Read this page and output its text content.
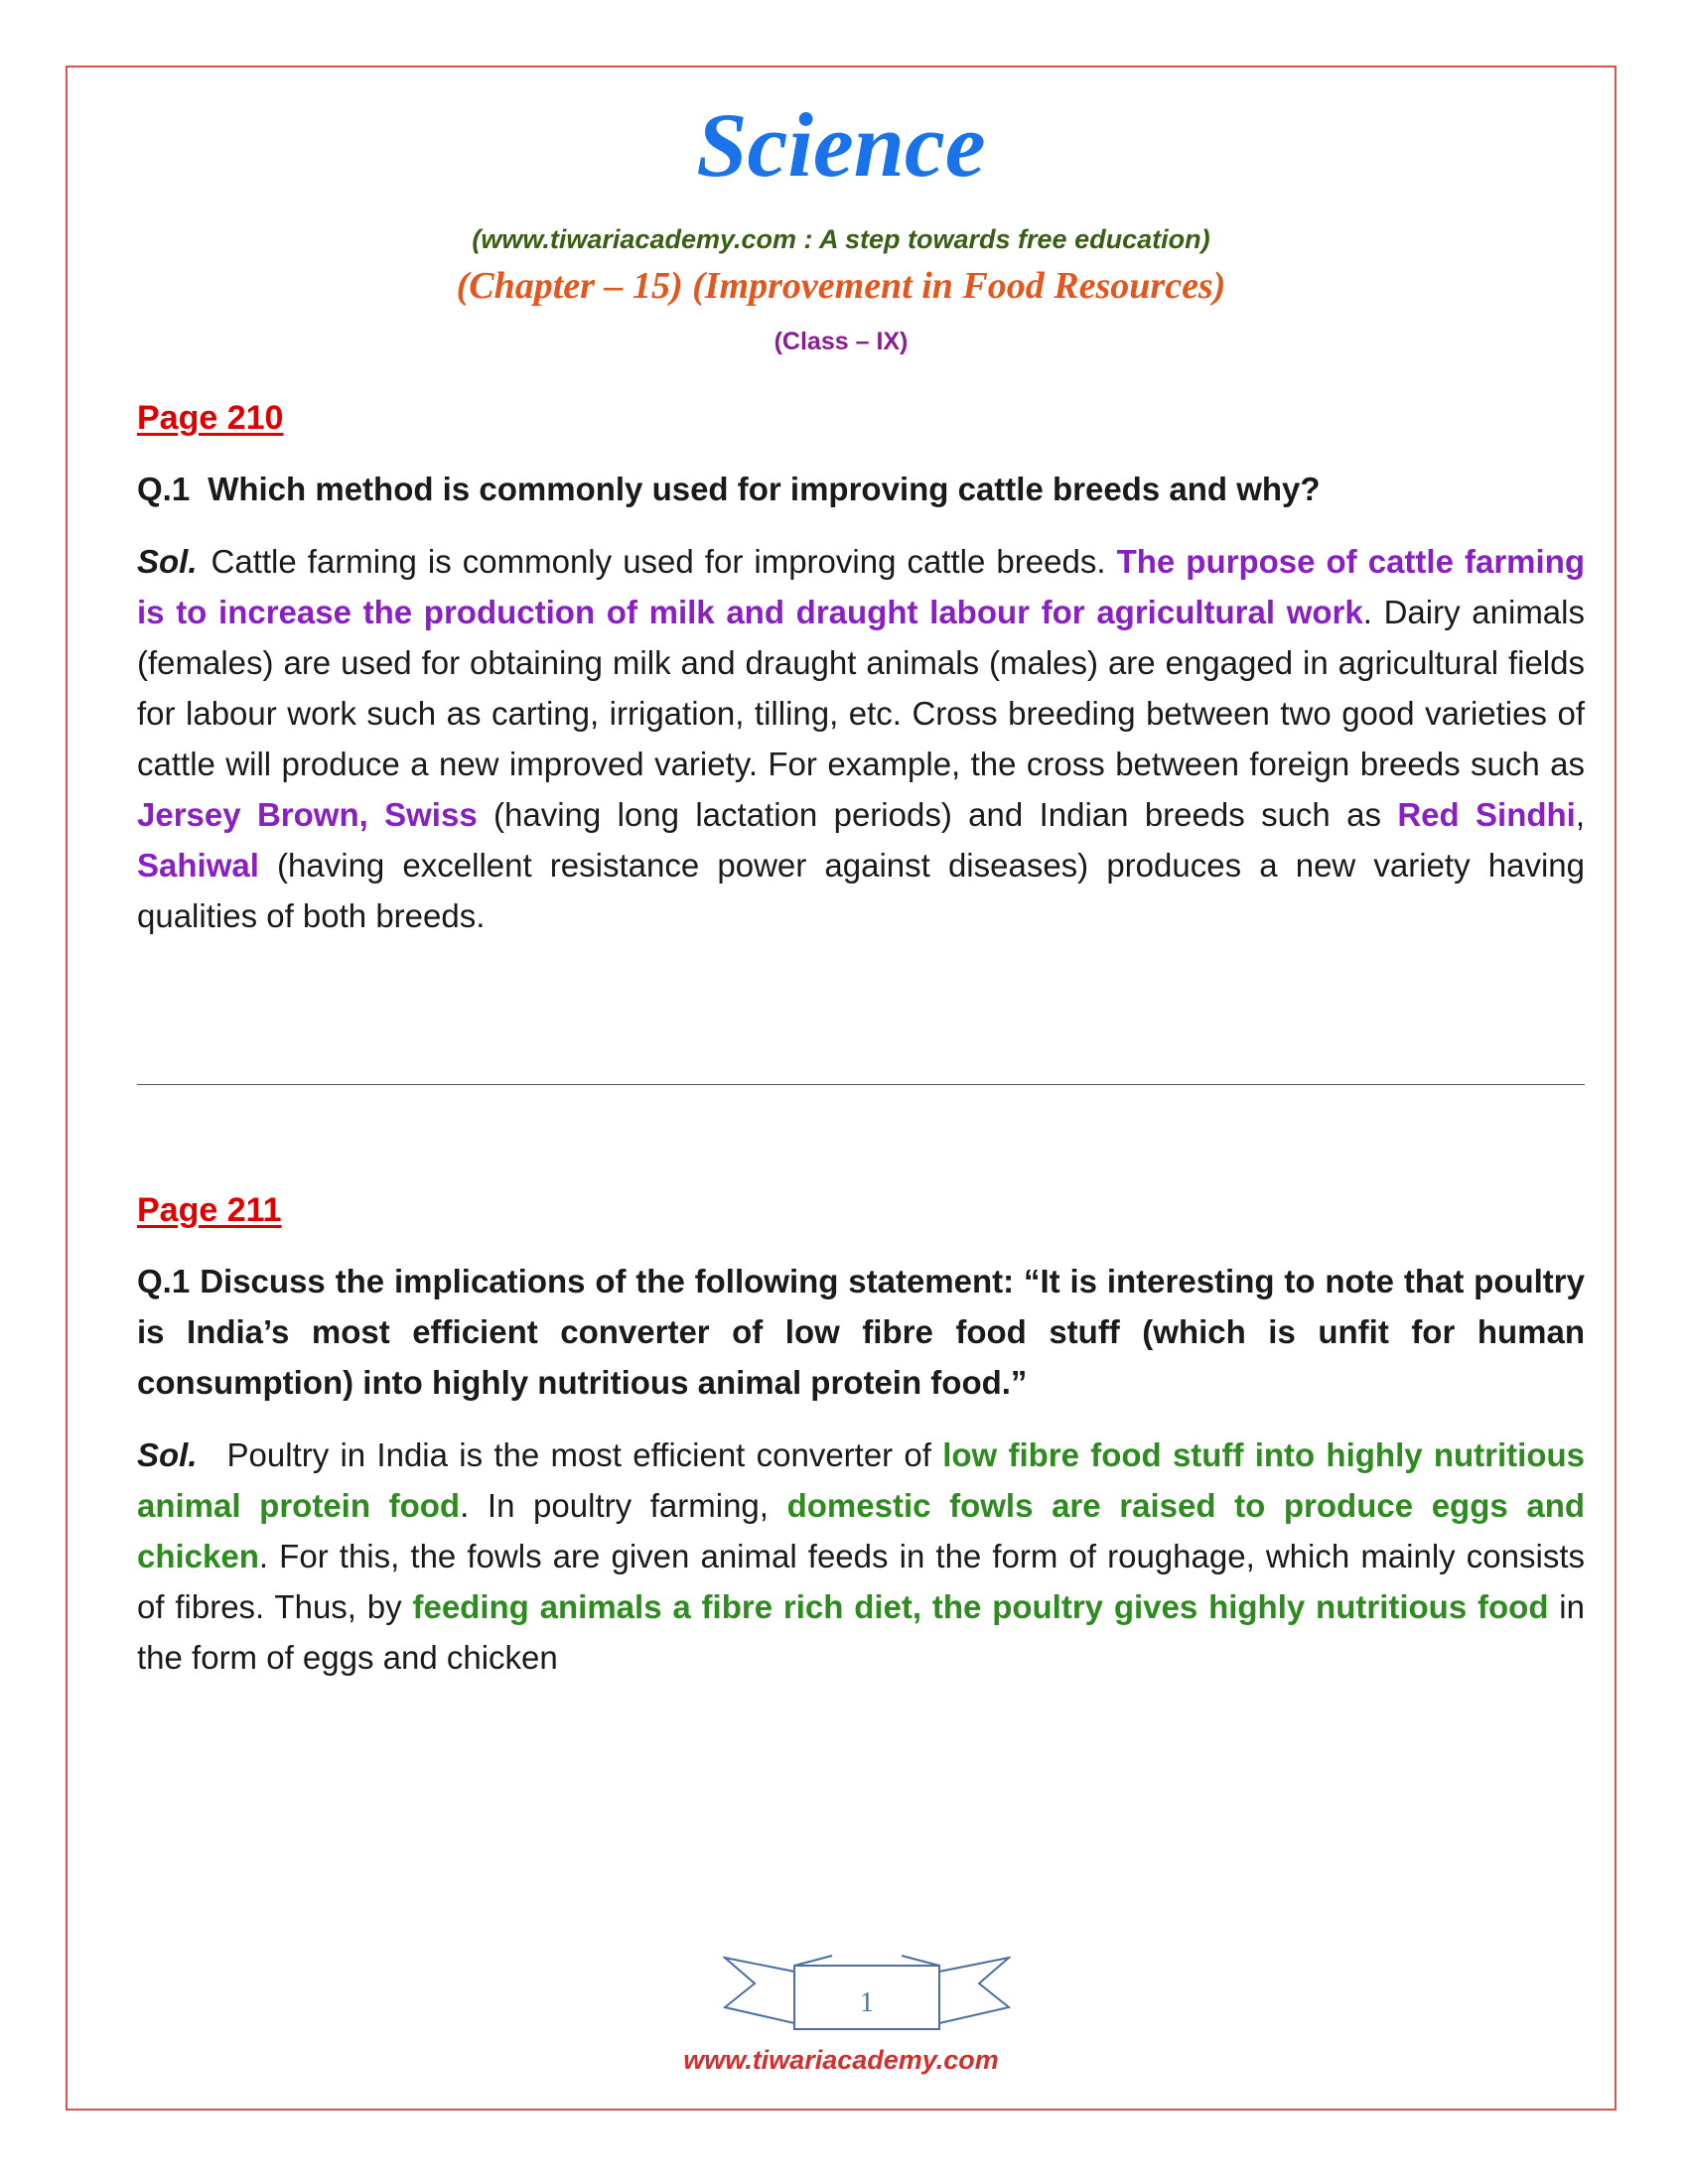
Science
(www.tiwariacademy.com : A step towards free education)
(Chapter – 15) (Improvement in Food Resources)
(Class – IX)
Page 210
Q.1 Which method is commonly used for improving cattle breeds and why?
Sol. Cattle farming is commonly used for improving cattle breeds. The purpose of cattle farming is to increase the production of milk and draught labour for agricultural work. Dairy animals (females) are used for obtaining milk and draught animals (males) are engaged in agricultural fields for labour work such as carting, irrigation, tilling, etc. Cross breeding between two good varieties of cattle will produce a new improved variety. For example, the cross between foreign breeds such as Jersey Brown, Swiss (having long lactation periods) and Indian breeds such as Red Sindhi, Sahiwal (having excellent resistance power against diseases) produces a new variety having qualities of both breeds.
Page 211
Q.1 Discuss the implications of the following statement: “It is interesting to note that poultry is India’s most efficient converter of low fibre food stuff (which is unfit for human consumption) into highly nutritious animal protein food.”
Sol. Poultry in India is the most efficient converter of low fibre food stuff into highly nutritious animal protein food. In poultry farming, domestic fowls are raised to produce eggs and chicken. For this, the fowls are given animal feeds in the form of roughage, which mainly consists of fibres. Thus, by feeding animals a fibre rich diet, the poultry gives highly nutritious food in the form of eggs and chicken
1
www.tiwariacademy.com
